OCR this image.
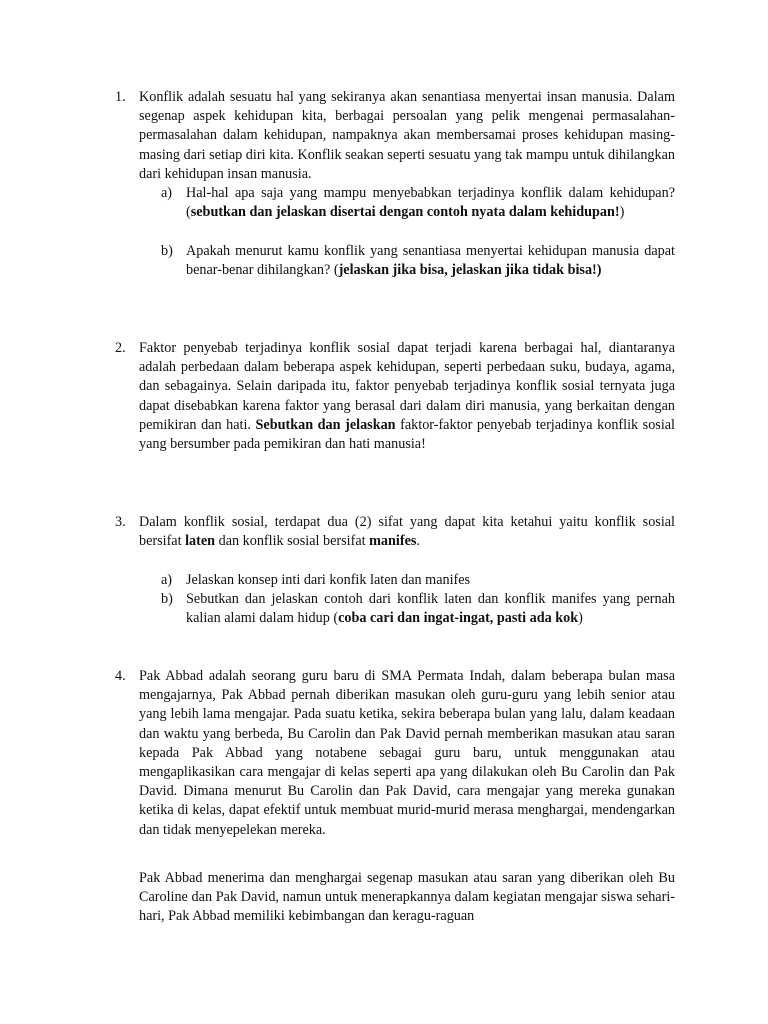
1. Konflik adalah sesuatu hal yang sekiranya akan senantiasa menyertai insan manusia. Dalam segenap aspek kehidupan kita, berbagai persoalan yang pelik mengenai permasalahan-permasalahan dalam kehidupan, nampaknya akan membersamai proses kehidupan masing-masing dari setiap diri kita. Konflik seakan seperti sesuatu yang tak mampu untuk dihilangkan dari kehidupan insan manusia.
a) Hal-hal apa saja yang mampu menyebabkan terjadinya konflik dalam kehidupan? (sebutkan dan jelaskan disertai dengan contoh nyata dalam kehidupan!)
b) Apakah menurut kamu konflik yang senantiasa menyertai kehidupan manusia dapat benar-benar dihilangkan? (jelaskan jika bisa, jelaskan jika tidak bisa!)
2. Faktor penyebab terjadinya konflik sosial dapat terjadi karena berbagai hal, diantaranya adalah perbedaan dalam beberapa aspek kehidupan, seperti perbedaan suku, budaya, agama, dan sebagainya. Selain daripada itu, faktor penyebab terjadinya konflik sosial ternyata juga dapat disebabkan karena faktor yang berasal dari dalam diri manusia, yang berkaitan dengan pemikiran dan hati. Sebutkan dan jelaskan faktor-faktor penyebab terjadinya konflik sosial yang bersumber pada pemikiran dan hati manusia!
3. Dalam konflik sosial, terdapat dua (2) sifat yang dapat kita ketahui yaitu konflik sosial bersifat laten dan konflik sosial bersifat manifes.
a) Jelaskan konsep inti dari konfik laten dan manifes
b) Sebutkan dan jelaskan contoh dari konflik laten dan konflik manifes yang pernah kalian alami dalam hidup (coba cari dan ingat-ingat, pasti ada kok)
4. Pak Abbad adalah seorang guru baru di SMA Permata Indah, dalam beberapa bulan masa mengajarnya, Pak Abbad pernah diberikan masukan oleh guru-guru yang lebih senior atau yang lebih lama mengajar. Pada suatu ketika, sekira beberapa bulan yang lalu, dalam keadaan dan waktu yang berbeda, Bu Carolin dan Pak David pernah memberikan masukan atau saran kepada Pak Abbad yang notabene sebagai guru baru, untuk menggunakan atau mengaplikasikan cara mengajar di kelas seperti apa yang dilakukan oleh Bu Carolin dan Pak David. Dimana menurut Bu Carolin dan Pak David, cara mengajar yang mereka gunakan ketika di kelas, dapat efektif untuk membuat murid-murid merasa menghargai, mendengarkan dan tidak menyepelekan mereka.
Pak Abbad menerima dan menghargai segenap masukan atau saran yang diberikan oleh Bu Caroline dan Pak David, namun untuk menerapkannya dalam kegiatan mengajar siswa sehari-hari, Pak Abbad memiliki kebimbangan dan keragu-raguan
